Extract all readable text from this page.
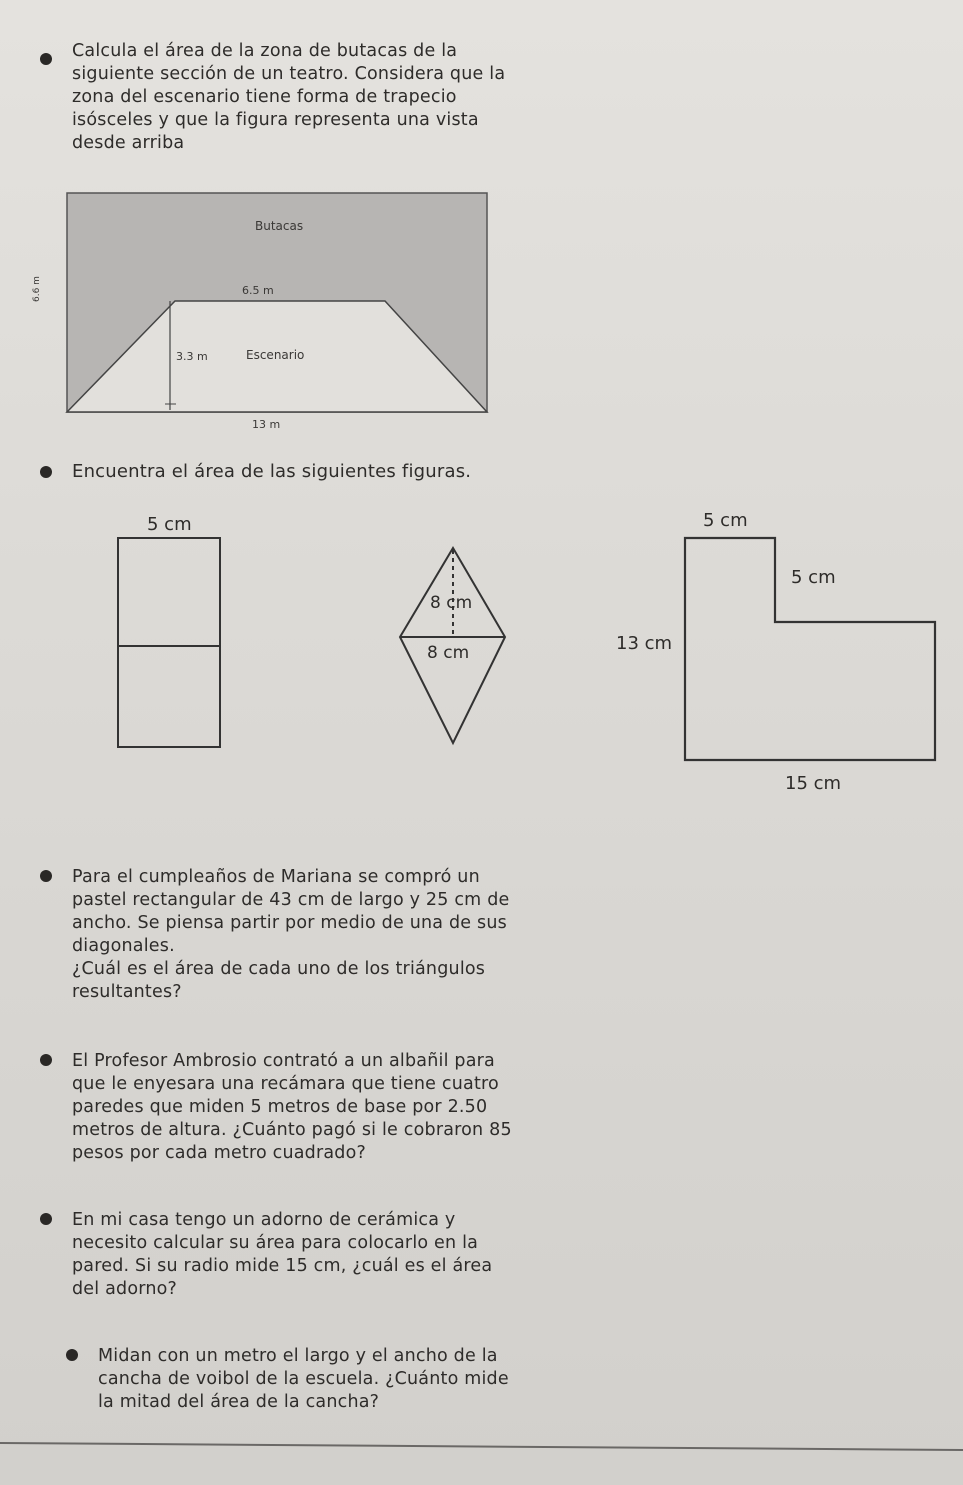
Calcula el área de la zona de butacas de la

siguiente sección de un teatro. Considera que la

zona del escenario tiene forma de trapecio

isósceles y que la figura representa una vista

desde arriba

Butacas
6.5 m
6.6 m
3.3 m	Escenario
13 m

Encuentra el área de las siguientes figuras.

5 cm
8 cm
8 cm
5 cm
5 cm
13 cm
15 cm

Para el cumpleaños de Mariana se compró un

pastel rectangular de 43 cm de largo y 25 cm de

ancho. Se piensa partir por medio de una de sus

diagonales.

¿Cuál es el área de cada uno de los triángulos

resultantes?

El Profesor Ambrosio contrató a un albañil para

que le enyesara una recámara que tiene cuatro

paredes que miden 5 metros de base por 2.50

metros de altura. ¿Cuánto pagó si le cobraron 85

pesos por cada metro cuadrado?

En mi casa tengo un adorno de cerámica y

necesito calcular su área para colocarlo en la

pared. Si su radio mide 15 cm, ¿cuál es el área

del adorno?

Midan con un metro el largo y el ancho de la

cancha de voibol de la escuela. ¿Cuánto mide

la mitad del área de la cancha?
